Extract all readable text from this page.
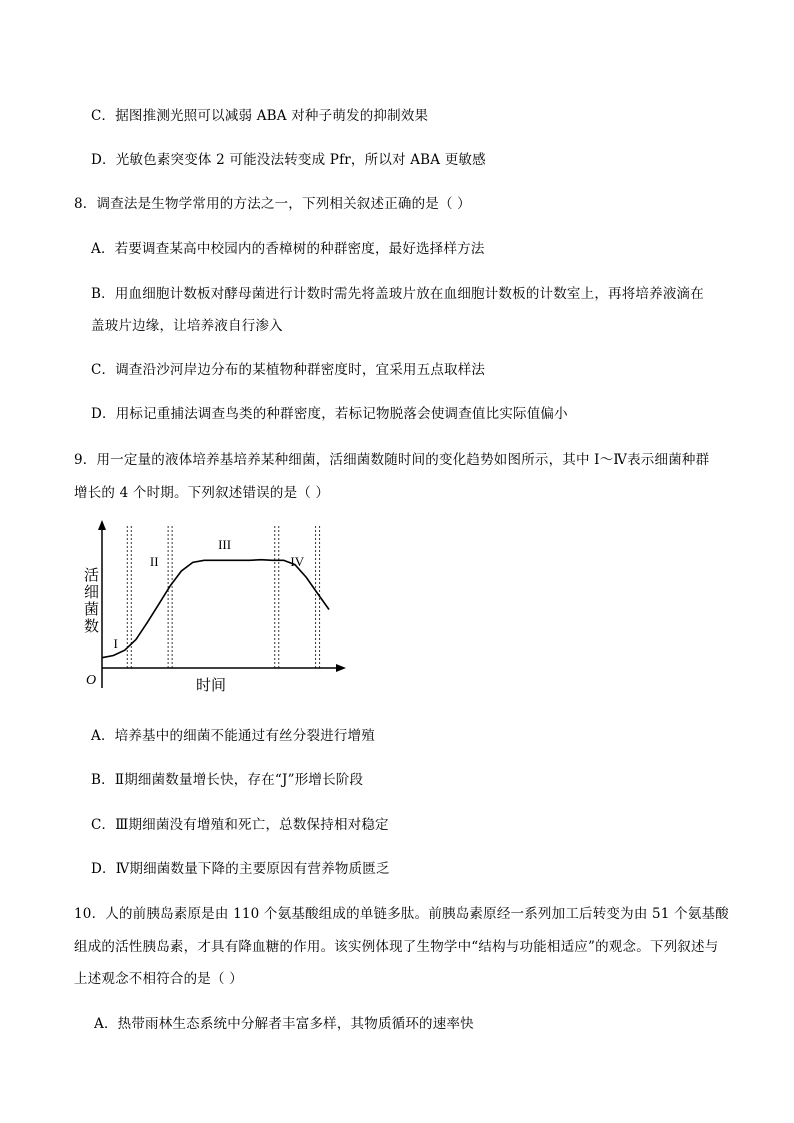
C．据图推测光照可以减弱 ABA 对种子萌发的抑制效果
D．光敏色素突变体 2 可能没法转变成 Pfr，所以对 ABA 更敏感
8．调查法是生物学常用的方法之一，下列相关叙述正确的是（ ）
A．若要调查某高中校园内的香樟树的种群密度，最好选择样方法
B．用血细胞计数板对酵母菌进行计数时需先将盖玻片放在血细胞计数板的计数室上，再将培养液滴在
盖玻片边缘，让培养液自行渗入
C．调查沿沙河岸边分布的某植物种群密度时，宜采用五点取样法
D．用标记重捕法调查鸟类的种群密度，若标记物脱落会使调查值比实际值偏小
9．用一定量的液体培养基培养某种细菌，活细菌数随时间的变化趋势如图所示，其中 Ⅰ～Ⅳ表示细菌种群
增长的 4 个时期。下列叙述错误的是（ ）
I
II
III
IV
O	时间
活
细
菌
数
A．培养基中的细菌不能通过有丝分裂进行增殖
B．Ⅱ期细菌数量增长快，存在“J”形增长阶段
C．Ⅲ期细菌没有增殖和死亡，总数保持相对稳定
D．Ⅳ期细菌数量下降的主要原因有营养物质匮乏
10．人的前胰岛素原是由 110 个氨基酸组成的单链多肽。前胰岛素原经一系列加工后转变为由 51 个氨基酸
组成的活性胰岛素，才具有降血糖的作用。该实例体现了生物学中“结构与功能相适应”的观念。下列叙述与
上述观念不相符合的是（ ）
A．热带雨林生态系统中分解者丰富多样，其物质循环的速率快
